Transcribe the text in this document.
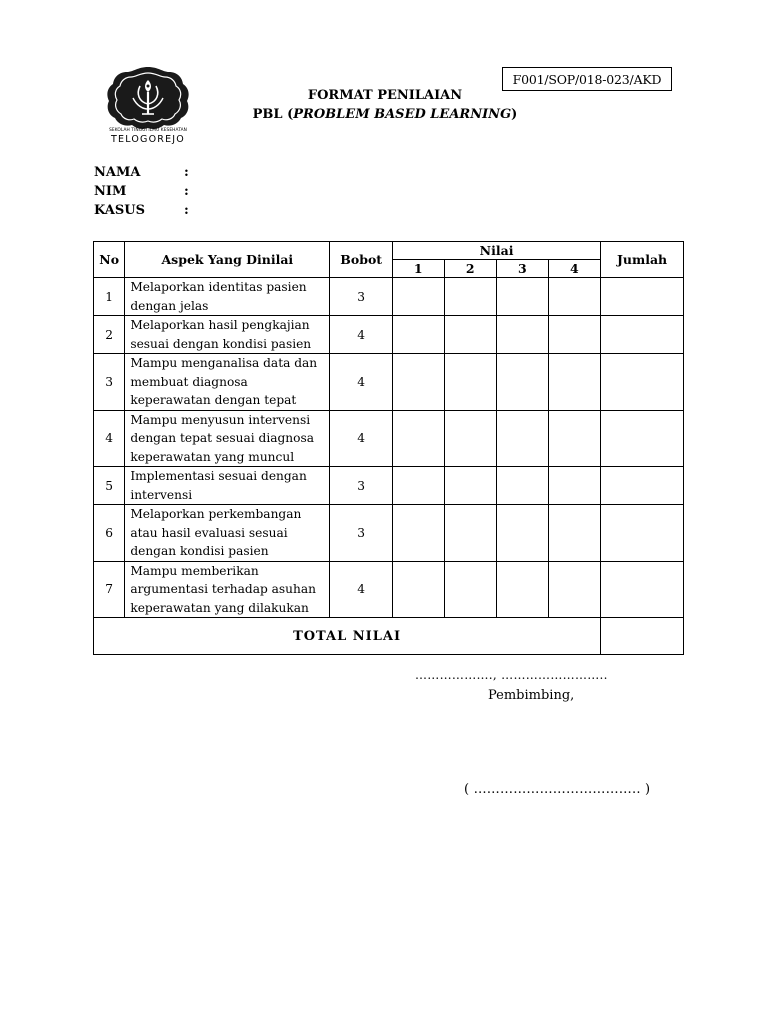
F001/SOP/018-023/AKD
SEKOLAH TINGGI ILMU KESEHATAN
TELOGOREJO
FORMAT PENILAIAN
PBL (PROBLEM BASED LEARNING)
NAMA	:
NIM	:
KASUS	:
No	Aspek Yang Dinilai	Bobot	Nilai				Jumlah
			1	2	3	4	
1	Melaporkan identitas pasien
dengan jelas	3					
2	Melaporkan hasil pengkajian
sesuai dengan kondisi pasien	4					
3	Mampu menganalisa data dan
membuat diagnosa
keperawatan dengan tepat	4					
4	Mampu menyusun intervensi
dengan tepat sesuai diagnosa
keperawatan yang muncul	4					
5	Implementasi sesuai dengan
intervensi	3					
6	Melaporkan perkembangan
atau hasil evaluasi sesuai
dengan kondisi pasien	3					
7	Mampu memberikan
argumentasi terhadap asuhan
keperawatan yang dilakukan	4					
TOTAL NILAI							
………………., ……………………..
Pembimbing,
( ……………………………….. )
